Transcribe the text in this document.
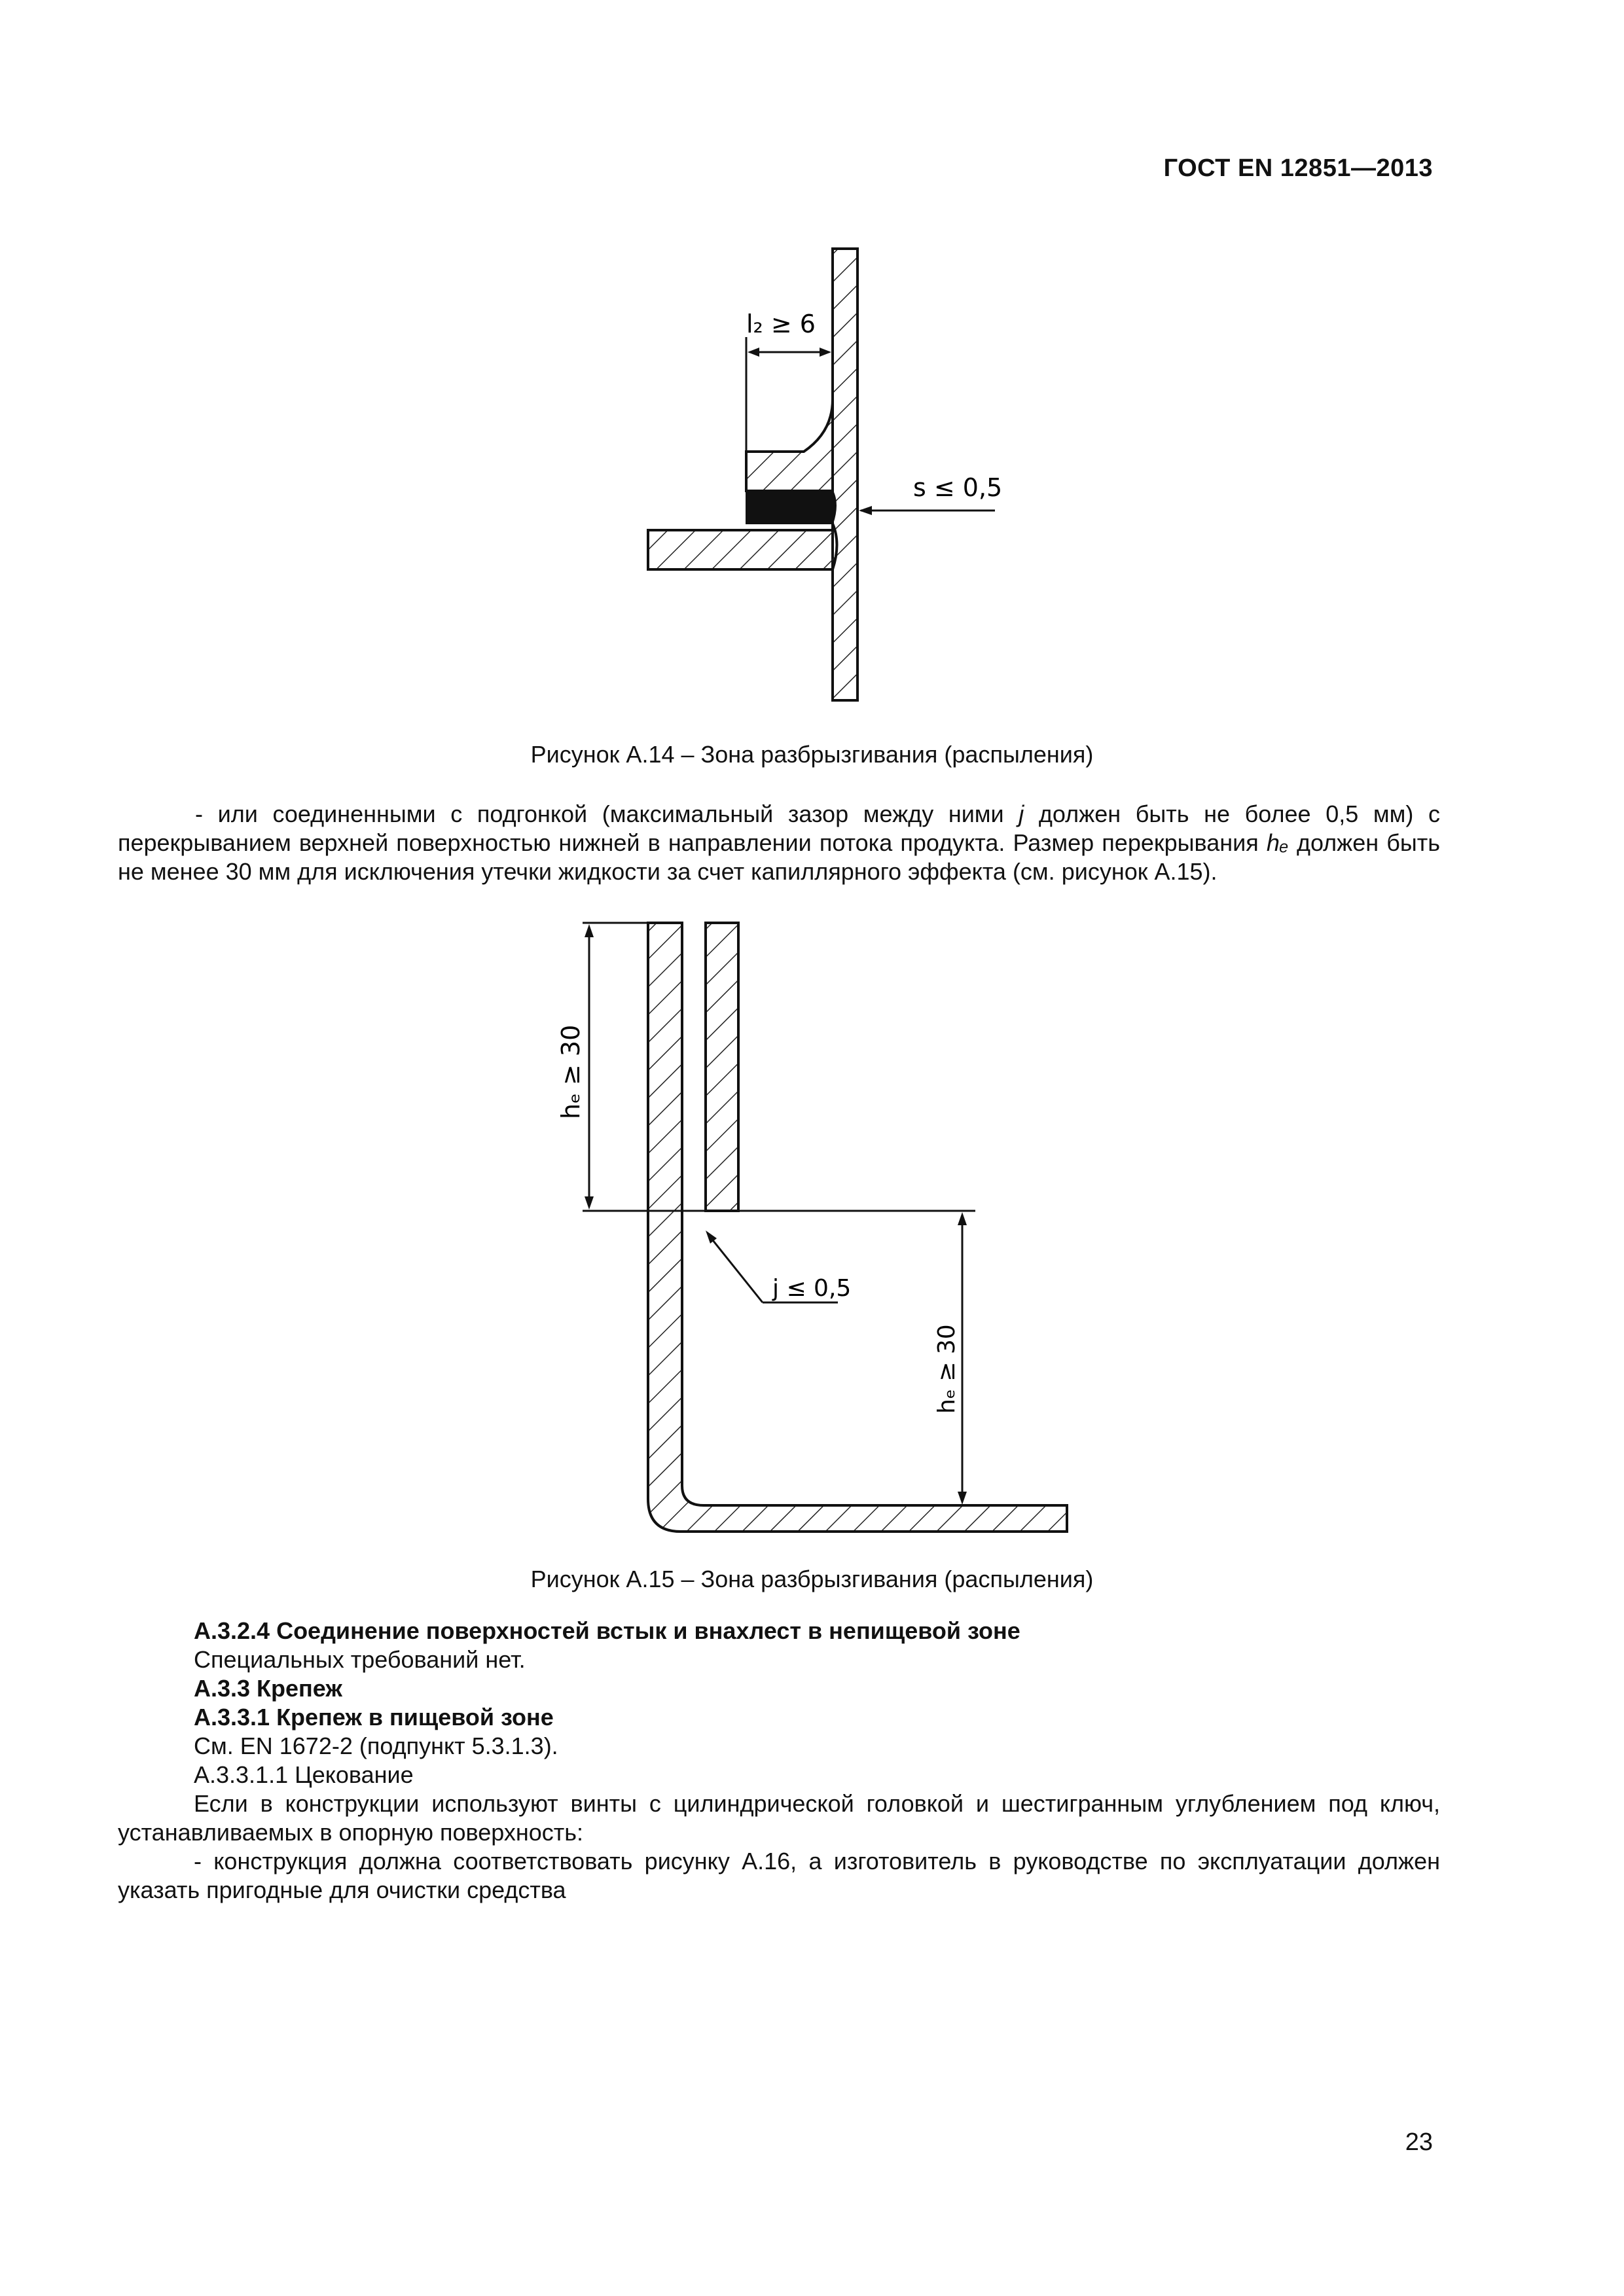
ГОСТ EN 12851—2013
l₂ ≥ 6
s ≤ 0,5
Рисунок А.14 – Зона разбрызгивания (распыления)
- или соединенными с подгонкой (максимальный зазор между ними j должен быть не более 0,5 мм) с перекрыванием верхней поверхностью нижней в направлении потока продукта. Размер перекрывания hₑ должен быть не менее 30 мм для исключения утечки жидкости за счет капиллярного эффекта (см. рисунок А.15).
hₑ ≥ 30
j ≤ 0,5
hₑ ≥ 30
Рисунок А.15 – Зона разбрызгивания (распыления)
А.3.2.4 Соединение поверхностей встык и внахлест в непищевой зоне
Специальных требований нет.
А.3.3 Крепеж
А.3.3.1 Крепеж в пищевой зоне
См. EN 1672-2 (подпункт 5.3.1.3).
А.3.3.1.1 Цекование
Если в конструкции используют винты с цилиндрической головкой и шестигранным углублением под ключ, устанавливаемых в опорную поверхность:
- конструкция должна соответствовать рисунку А.16, а изготовитель в руководстве по эксплуатации должен указать пригодные для очистки средства
23
